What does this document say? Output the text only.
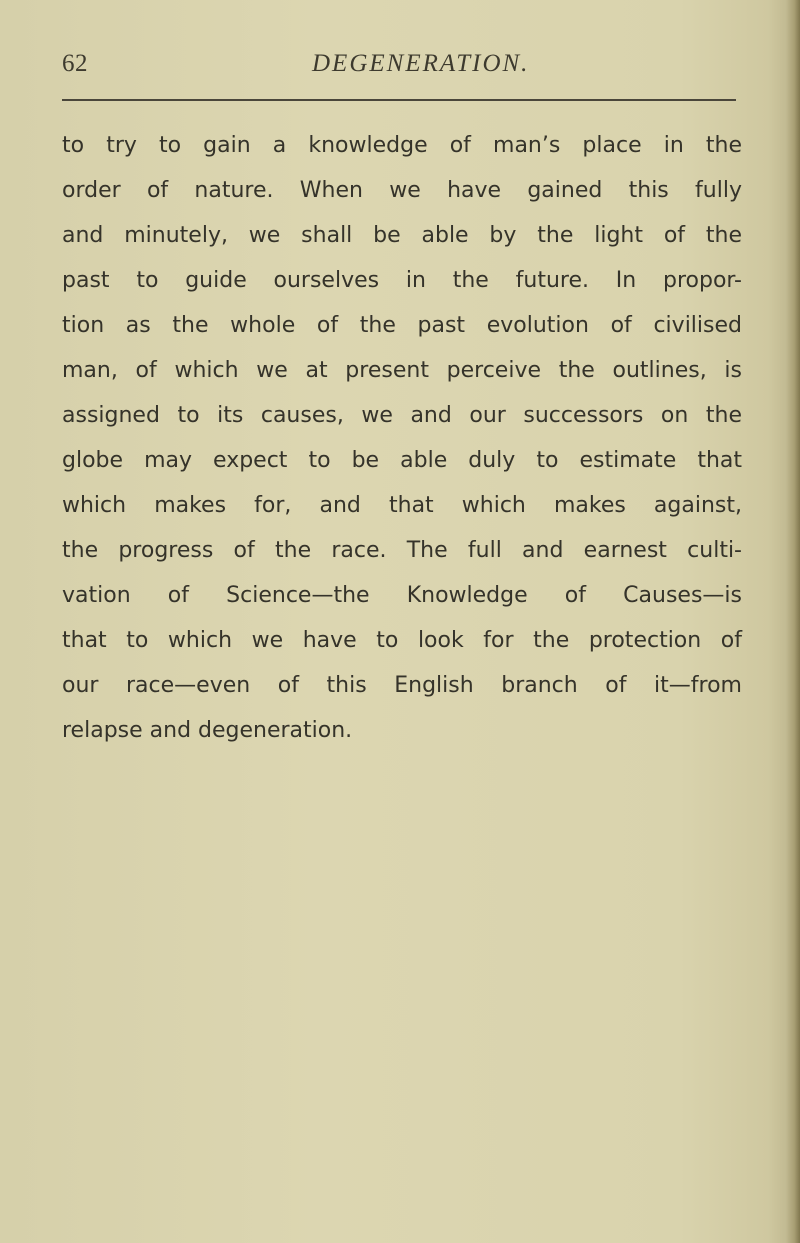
62	DEGENERATION.
to try to gain a knowledge of man’s place in the
order of nature. When we have gained this fully
and minutely, we shall be able by the light of the
past to guide ourselves in the future. In propor-
tion as the whole of the past evolution of civilised
man, of which we at present perceive the outlines, is
assigned to its causes, we and our successors on the
globe may expect to be able duly to estimate that
which makes for, and that which makes against,
the progress of the race. The full and earnest culti-
vation of Science—the Knowledge of Causes—is
that to which we have to look for the protection of
our race—even of this English branch of it—from
relapse and degeneration.
